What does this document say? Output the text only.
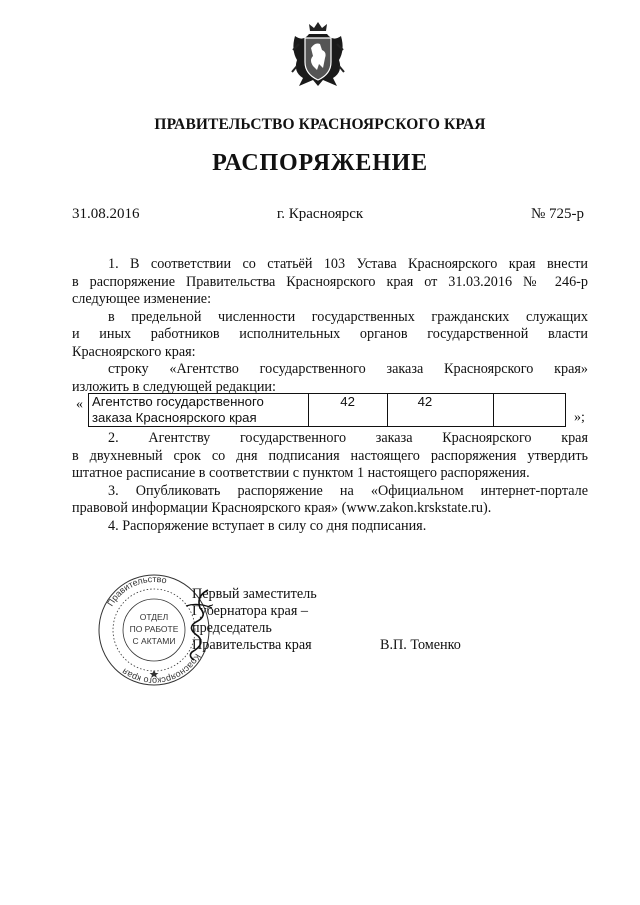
ПРАВИТЕЛЬСТВО КРАСНОЯРСКОГО КРАЯ
РАСПОРЯЖЕНИЕ
31.08.2016	г. Красноярск	№ 725-р
1. В соответствии со статьёй 103 Устава Красноярского края внести
в распоряжение Правительства Красноярского края от 31.03.2016 № 246-р
следующее изменение:
в предельной численности государственных гражданских служащих
и иных работников исполнительных органов государственной власти
Красноярского края:
строку «Агентство государственного заказа Красноярского края»
изложить в следующей редакции:
« Агентство государственного
заказа Красноярского края
	42	42	
»;
2. Агентству государственного заказа Красноярского края
в двухневный срок со дня подписания настоящего распоряжения утвердить
штатное расписание в соответствии с пунктом 1 настоящего распоряжения.
3. Опубликовать распоряжение на «Официальном интернет-портале
правовой информации Красноярского края» (www.zakon.krskstate.ru).
4. Распоряжение вступает в силу со дня подписания.
Правительство
Красноярского края
ОТДЕЛ
ПО РАБОТЕ
С АКТАМИ
Первый заместитель
Губернатора края –
председатель
Правительства края	В.П. Томенко
